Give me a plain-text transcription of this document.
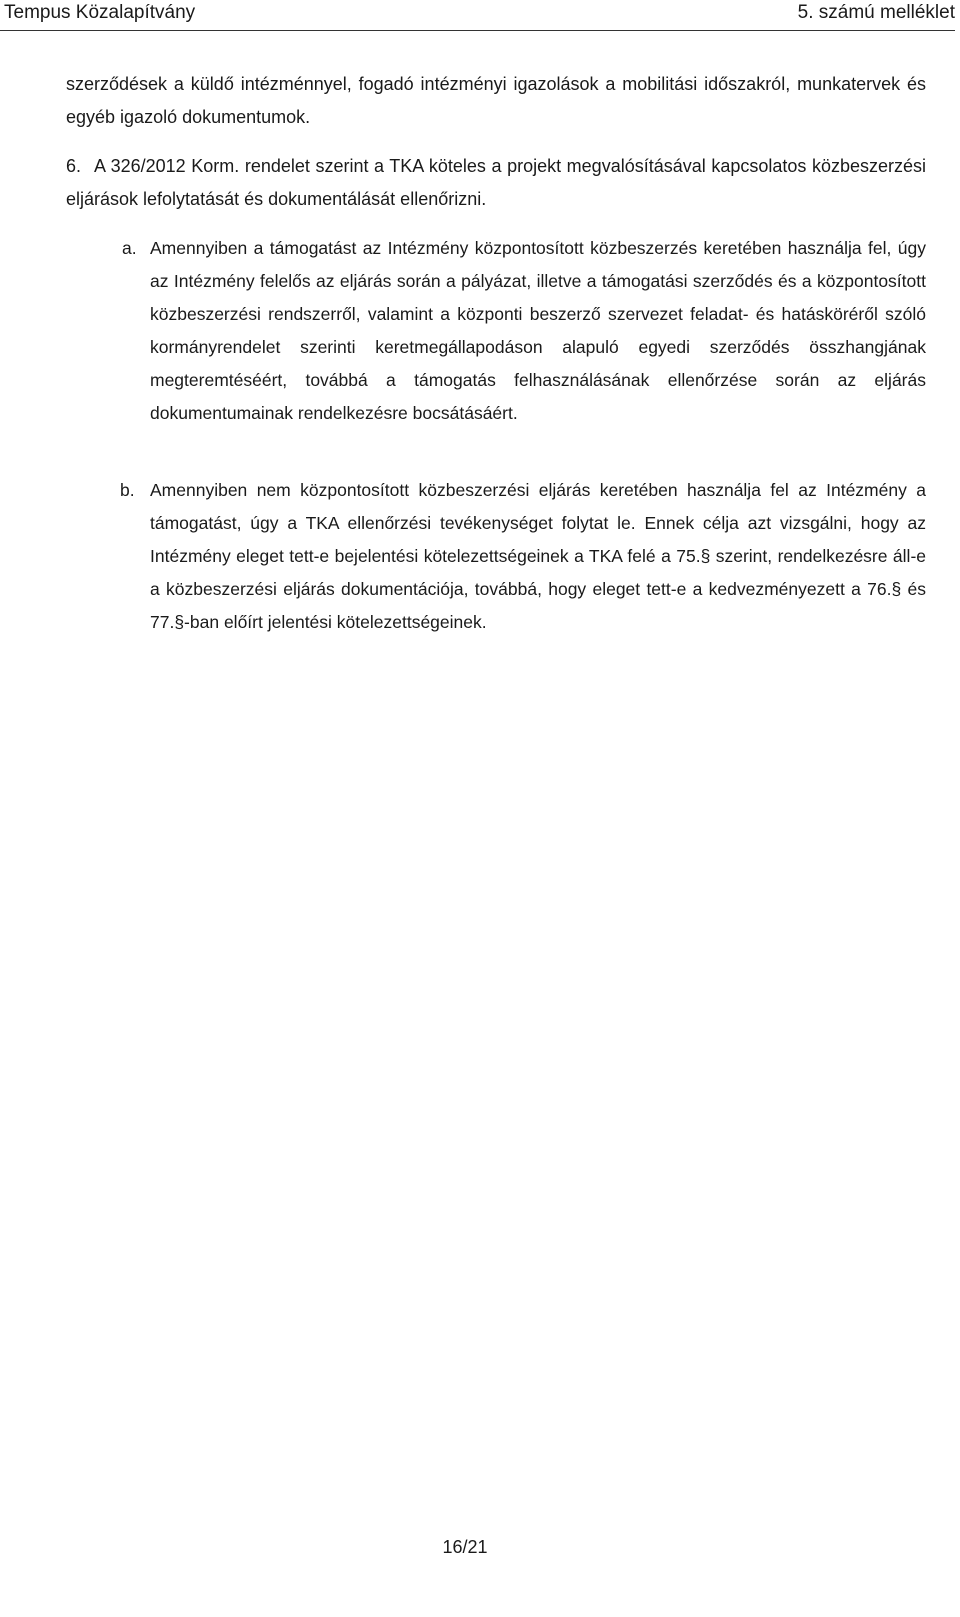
Tempus Közalapítvány	5. számú melléklet
szerződések a küldő intézménnyel, fogadó intézményi igazolások a mobilitási időszakról, munkatervek és egyéb igazoló dokumentumok.
6. A 326/2012 Korm. rendelet szerint a TKA köteles a projekt megvalósításával kapcsolatos közbeszerzési eljárások lefolytatását és dokumentálását ellenőrizni.
a. Amennyiben a támogatást az Intézmény központosított közbeszerzés keretében használja fel, úgy az Intézmény felelős az eljárás során a pályázat, illetve a támogatási szerződés és a központosított közbeszerzési rendszerről, valamint a központi beszerző szervezet feladat- és hatásköréről szóló kormányrendelet szerinti keretmegállapodáson alapuló egyedi szerződés összhangjának megteremtéséért, továbbá a támogatás felhasználásának ellenőrzése során az eljárás dokumentumainak rendelkezésre bocsátásáért.
b. Amennyiben nem központosított közbeszerzési eljárás keretében használja fel az Intézmény a támogatást, úgy a TKA ellenőrzési tevékenységet folytat le. Ennek célja azt vizsgálni, hogy az Intézmény eleget tett-e bejelentési kötelezettségeinek a TKA felé a 75.§ szerint, rendelkezésre áll-e a közbeszerzési eljárás dokumentációja, továbbá, hogy eleget tett-e a kedvezményezett a 76.§ és 77.§-ban előírt jelentési kötelezettségeinek.
16/21
